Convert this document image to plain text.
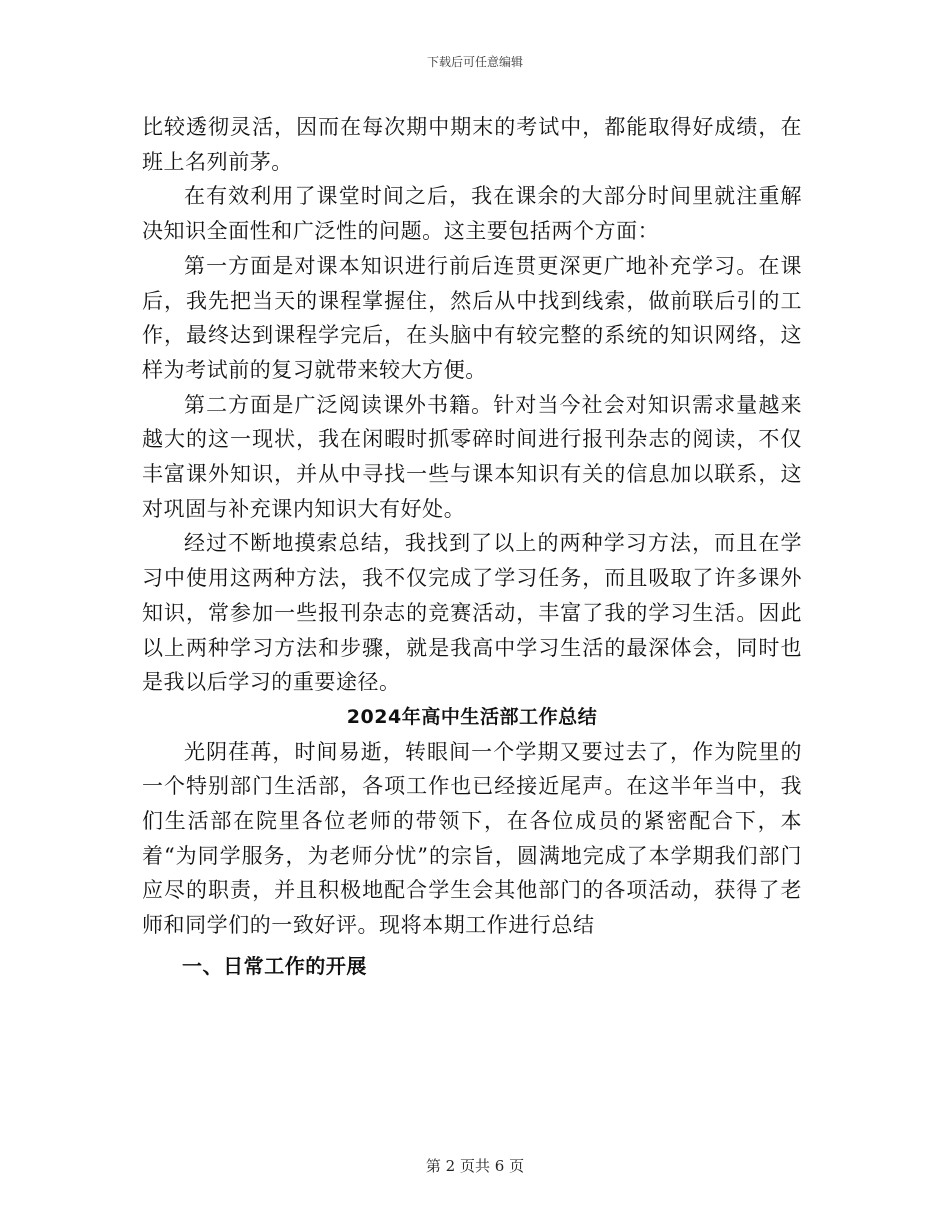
下载后可任意编辑

比较透彻灵活，因而在每次期中期末的考试中，都能取得好成绩，在班上名列前茅。

在有效利用了课堂时间之后，我在课余的大部分时间里就注重解决知识全面性和广泛性的问题。这主要包括两个方面：

第一方面是对课本知识进行前后连贯更深更广地补充学习。在课后，我先把当天的课程掌握住，然后从中找到线索，做前联后引的工作，最终达到课程学完后，在头脑中有较完整的系统的知识网络，这样为考试前的复习就带来较大方便。

第二方面是广泛阅读课外书籍。针对当今社会对知识需求量越来越大的这一现状，我在闲暇时抓零碎时间进行报刊杂志的阅读，不仅丰富课外知识，并从中寻找一些与课本知识有关的信息加以联系，这对巩固与补充课内知识大有好处。

经过不断地摸索总结，我找到了以上的两种学习方法，而且在学习中使用这两种方法，我不仅完成了学习任务，而且吸取了许多课外知识，常参加一些报刊杂志的竞赛活动，丰富了我的学习生活。因此以上两种学习方法和步骤，就是我高中学习生活的最深体会，同时也是我以后学习的重要途径。

2024年高中生活部工作总结

光阴荏苒，时间易逝，转眼间一个学期又要过去了，作为院里的一个特别部门生活部，各项工作也已经接近尾声。在这半年当中，我们生活部在院里各位老师的带领下，在各位成员的紧密配合下，本着“为同学服务，为老师分忧”的宗旨，圆满地完成了本学期我们部门应尽的职责，并且积极地配合学生会其他部门的各项活动，获得了老师和同学们的一致好评。现将本期工作进行总结

一、日常工作的开展

第 2 页共 6 页
